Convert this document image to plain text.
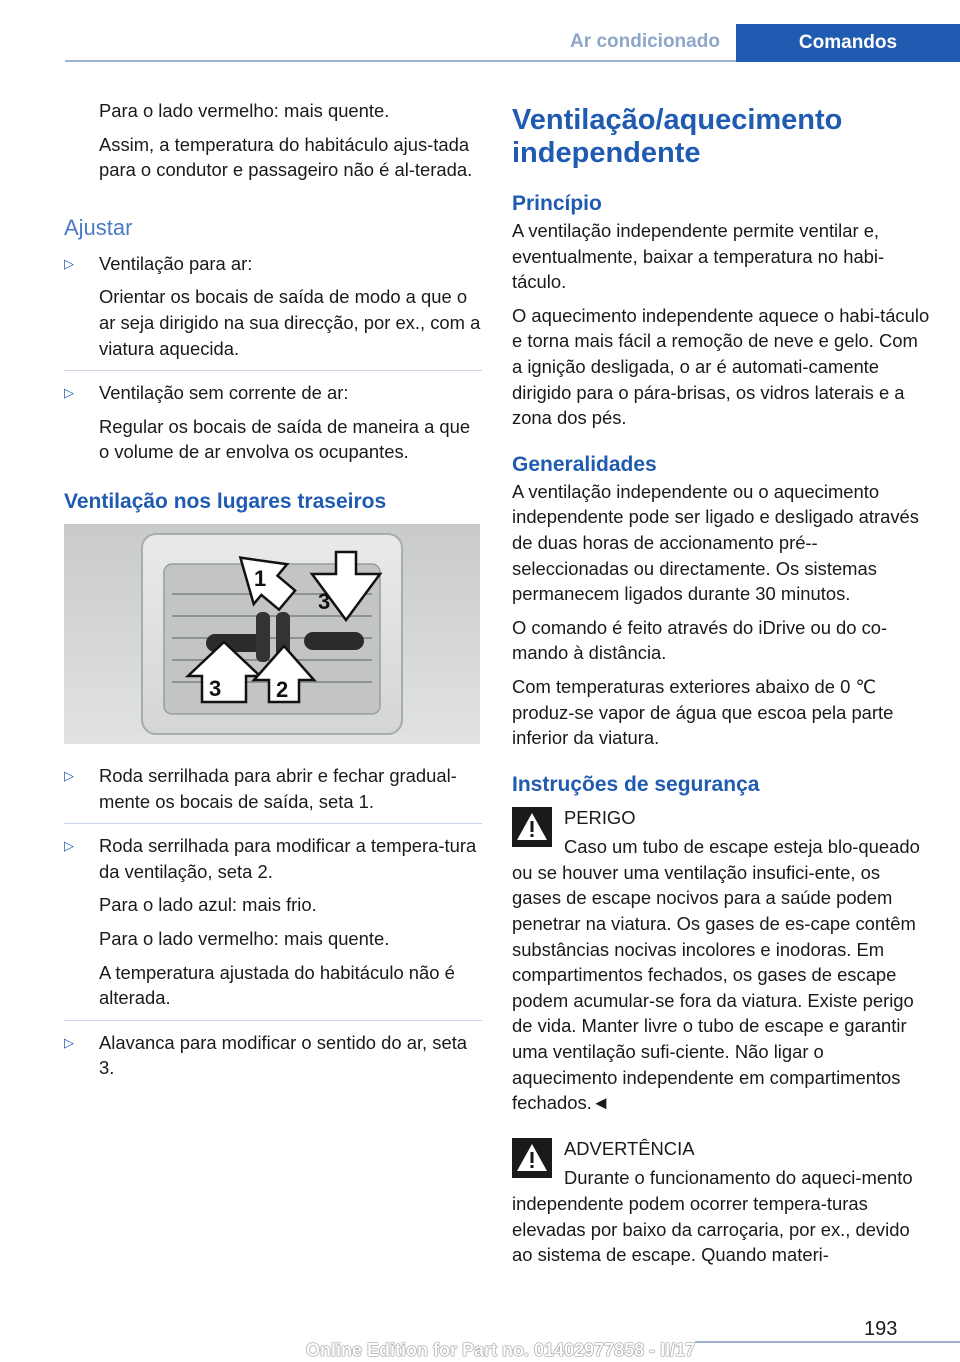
Ar condicionado	Comandos

Para o lado vermelho: mais quente.

Assim, a temperatura do habitáculo ajus‐tada para o condutor e passageiro não é al‐terada.

Ajustar
▷ Ventilação para ar:

Orientar os bocais de saída de modo a que o ar seja dirigido na sua direcção, por ex., com a viatura aquecida.

▷ Ventilação sem corrente de ar:

Regular os bocais de saída de maneira a que o volume de ar envolva os ocupantes.

Ventilação nos lugares traseiros
1
3
3 2
▷ Roda serrilhada para abrir e fechar gradual‐mente os bocais de saída, seta 1.

▷ Roda serrilhada para modificar a tempera‐tura da ventilação, seta 2.

Para o lado azul: mais frio.

Para o lado vermelho: mais quente.

A temperatura ajustada do habitáculo não é alterada.

▷ Alavanca para modificar o sentido do ar, seta 3.

Ventilação/aquecimento independente
Princípio

A ventilação independente permite ventilar e, eventualmente, baixar a temperatura no habi‐táculo.

O aquecimento independente aquece o habi‐táculo e torna mais fácil a remoção de neve e gelo. Com a ignição desligada, o ar é automati‐camente dirigido para o pára-brisas, os vidros laterais e a zona dos pés.

Generalidades

A ventilação independente ou o aquecimento independente pode ser ligado e desligado através de duas horas de accionamento pré-‐seleccionadas ou directamente. Os sistemas permanecem ligados durante 30 minutos.

O comando é feito através do iDrive ou do co‐mando à distância.

Com temperaturas exteriores abaixo de 0 ℃ produz-se vapor de água que escoa pela parte inferior da viatura.

Instruções de segurança

PERIGO

Caso um tubo de escape esteja blo‐queado ou se houver uma ventilação insufici‐ente, os gases de escape nocivos para a saúde podem penetrar na viatura. Os gases de es‐cape contêm substâncias nocivas incolores e inodoras. Em compartimentos fechados, os gases de escape podem acumular-se fora da viatura. Existe perigo de vida. Manter livre o tubo de escape e garantir uma ventilação sufi‐ciente. Não ligar o aquecimento independente em compartimentos fechados.◄

ADVERTÊNCIA

Durante o funcionamento do aqueci‐mento independente podem ocorrer tempera‐turas elevadas por baixo da carroçaria, por ex., devido ao sistema de escape. Quando materi‐

193
Online Edition for Part no. 01402977858 - II/17
